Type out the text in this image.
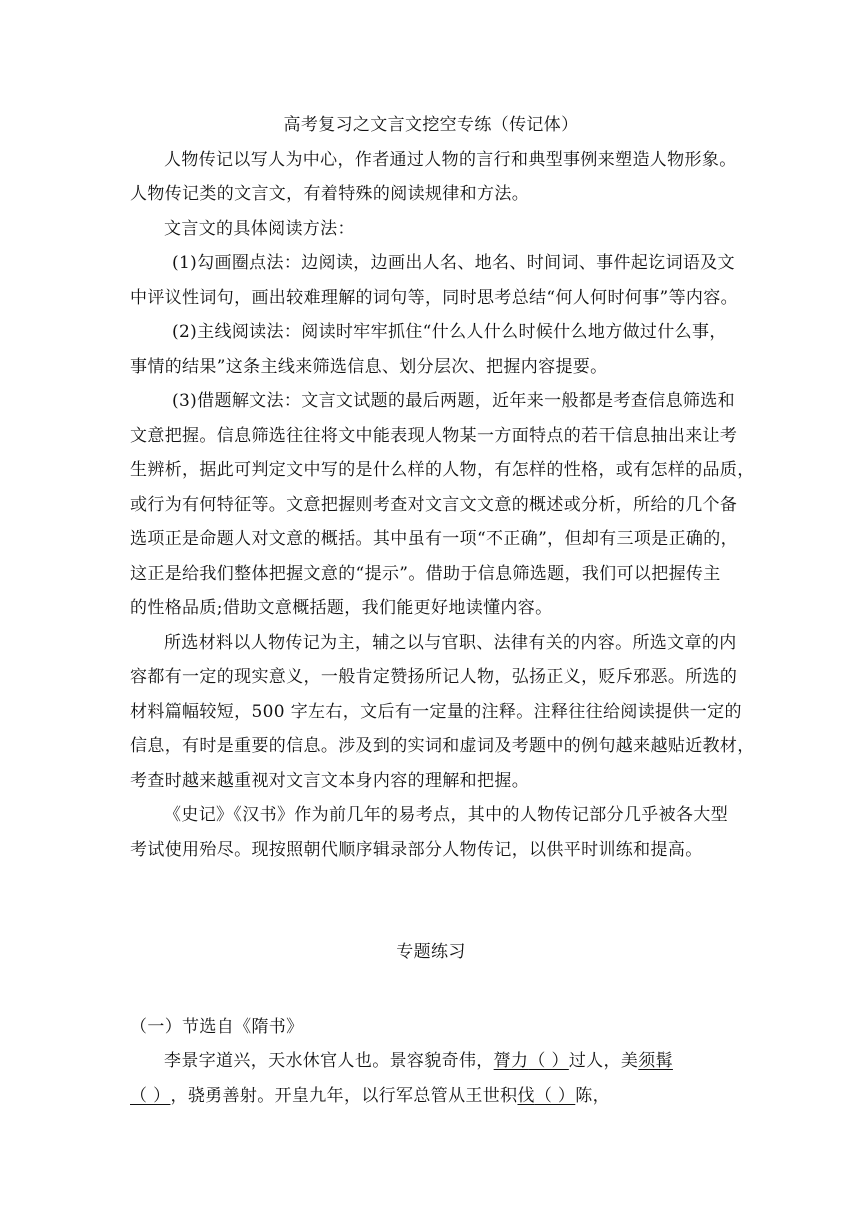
高考复习之文言文挖空专练（传记体）
人物传记以写人为中心，作者通过人物的言行和典型事例来塑造人物形象。
人物传记类的文言文，有着特殊的阅读规律和方法。
文言文的具体阅读方法：
(1)勾画圈点法：边阅读，边画出人名、地名、时间词、事件起讫词语及文
中评议性词句，画出较难理解的词句等，同时思考总结“何人何时何事”等内容。
(2)主线阅读法：阅读时牢牢抓住“什么人什么时候什么地方做过什么事，
事情的结果”这条主线来筛选信息、划分层次、把握内容提要。
(3)借题解文法：文言文试题的最后两题，近年来一般都是考查信息筛选和
文意把握。信息筛选往往将文中能表现人物某一方面特点的若干信息抽出来让考
生辨析，据此可判定文中写的是什么样的人物，有怎样的性格，或有怎样的品质，
或行为有何特征等。文意把握则考查对文言文文意的概述或分析，所给的几个备
选项正是命题人对文意的概括。其中虽有一项“不正确”，但却有三项是正确的，
这正是给我们整体把握文意的“提示”。借助于信息筛选题，我们可以把握传主
的性格品质;借助文意概括题，我们能更好地读懂内容。
所选材料以人物传记为主，辅之以与官职、法律有关的内容。所选文章的内
容都有一定的现实意义，一般肯定赞扬所记人物，弘扬正义，贬斥邪恶。所选的
材料篇幅较短，500 字左右，文后有一定量的注释。注释往往给阅读提供一定的
信息，有时是重要的信息。涉及到的实词和虚词及考题中的例句越来越贴近教材，
考查时越来越重视对文言文本身内容的理解和把握。
《史记》《汉书》作为前几年的易考点，其中的人物传记部分几乎被各大型
考试使用殆尽。现按照朝代顺序辑录部分人物传记，以供平时训练和提高。
专题练习
（一）节选自《隋书》
李景字道兴，天水休官人也。景容貌奇伟，膂力（ ）过人，美须髯
（ ），骁勇善射。开皇九年，以行军总管从王世积伐（ ）陈，
